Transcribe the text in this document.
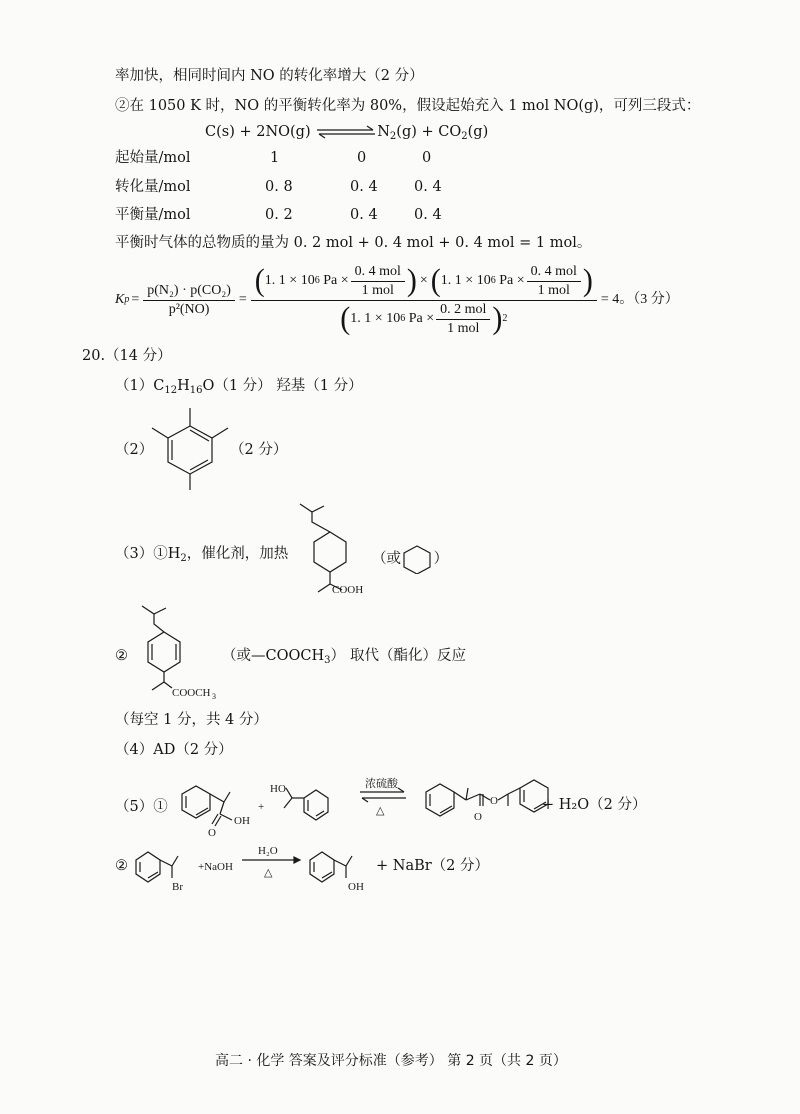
率加快，相同时间内 NO 的转化率增大（2 分）
②在 1050 K 时，NO 的平衡转化率为 80%，假设起始充入 1 mol NO(g)，可列三段式：
C(s) + 2NO(g)	$N_2(g) + CO_2(g)$
起始量/mol	1	0	0
转化量/mol	0. 8	0. 4	0. 4
平衡量/mol	0. 2	0. 4	0. 4
平衡时气体的总物质的量为 0. 2 mol + 0. 4 mol + 0. 4 mol = 1 mol。
K $p = \frac{\text{p(N₂) · p(CO₂)}}{\text{p²(NO)}}$ =
( 1. 1 × 10 6
$Pa \times \frac{\text{0. 4 mol}}{\text{1 mol}}$ ) × ( 1. 1 × 10 6
$Pa \times \frac{\text{0. 4 mol}}{\text{1 mol}}$ )
( 1. 1 × 10 6
$Pa \times \frac{\text{0. 2 mol}}{\text{1 mol}}$ ) 2
= 4。（3 分）
20.（14 分）
$(1)C_{12}H_{16}O(1$ 分） 羟基（1 分）
（2）	（2 分）
$(3)①H_2$，催化剂，加热
COOH
（或 ）
②
COOCH 3
（或$—COOCH_3$） 取代（酯化）反应
（每空 1 分，共 4 分）
（4）AD（2 分）
（5）①
OH
O
+
HO	浓硫酸
△	O
O	+ H₂O（2 分）
②
Br
+NaOH
H₂O
△
OH
+ NaBr（2 分）
高二 · 化学 答案及评分标准（参考） 第 2 页（共 2 页）
